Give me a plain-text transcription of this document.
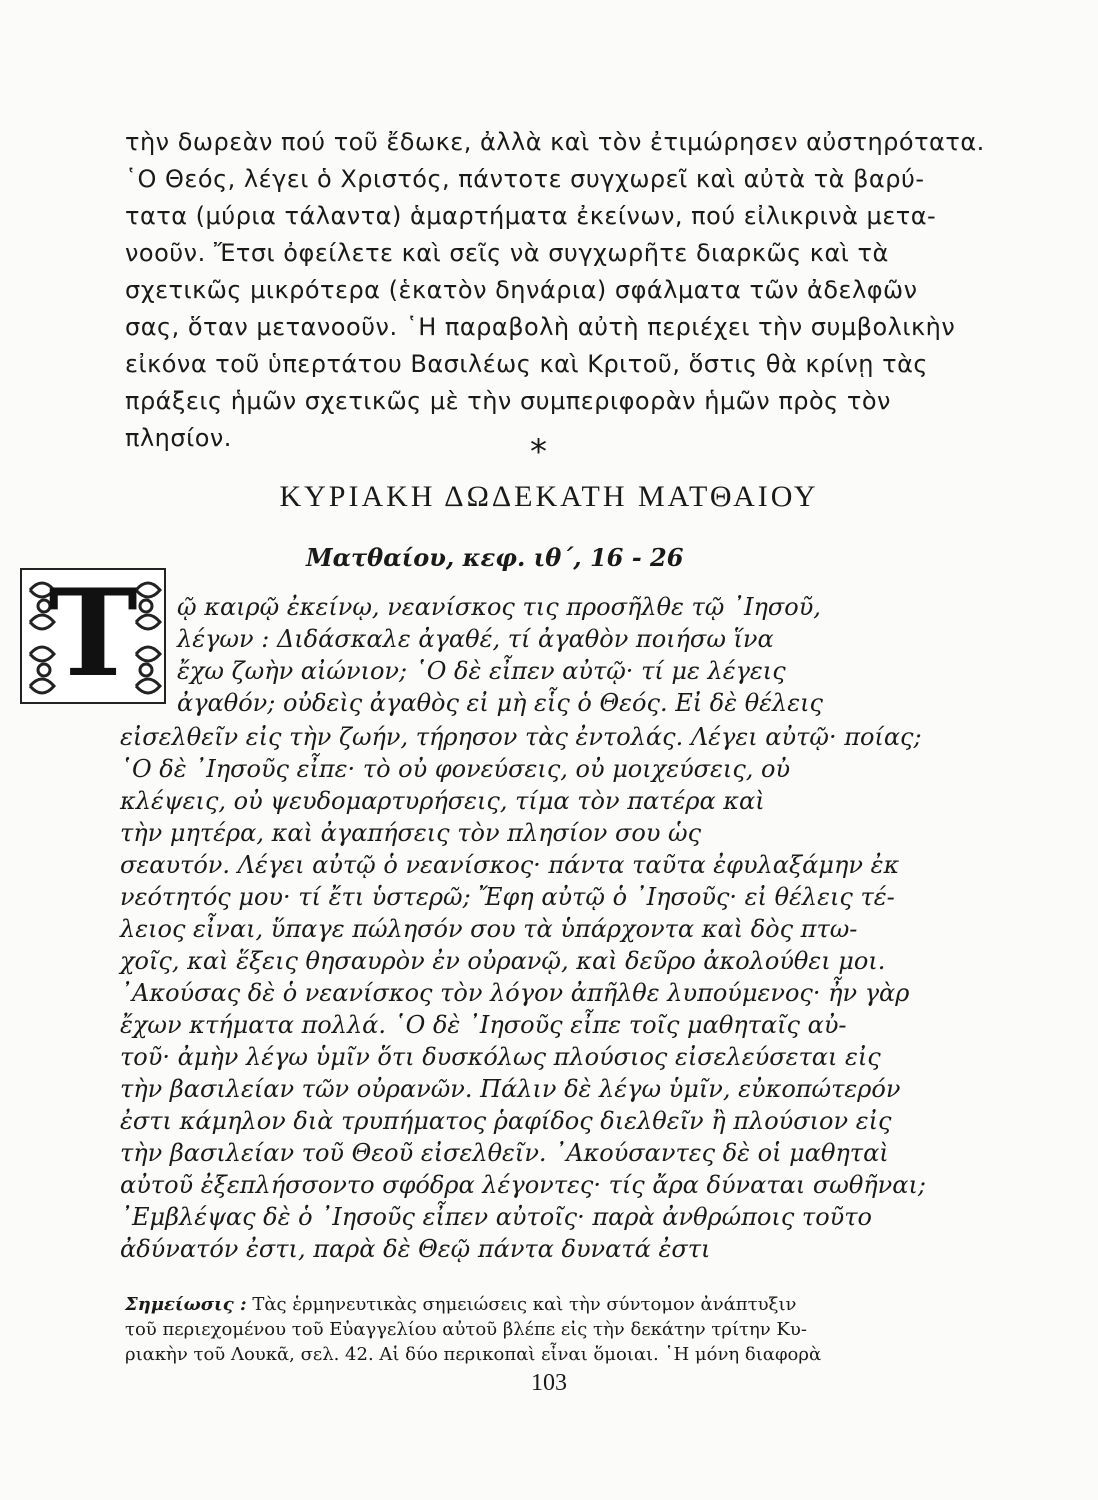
τὴν δωρεὰν πού τοῦ ἔδωκε, ἀλλὰ καὶ τὸν ἐτιμώρησεν αὐστηρότατα.
῾Ο Θεός, λέγει ὁ Χριστός, πάντοτε συγχωρεῖ καὶ αὐτὰ τὰ βαρύ-
τατα (μύρια τάλαντα) ἁμαρτήματα ἐκείνων, πού εἰλικρινὰ μετα-
νοοῦν. Ἔτσι ὀφείλετε καὶ σεῖς νὰ συγχωρῆτε διαρκῶς καὶ τὰ
σχετικῶς μικρότερα (ἑκατὸν δηνάρια) σφάλματα τῶν ἀδελφῶν
σας, ὅταν μετανοοῦν. ῾Η παραβολὴ αὐτὴ περιέχει τὴν συμβολικὴν
εἰκόνα τοῦ ὑπερτάτου Βασιλέως καὶ Κριτοῦ, ὅστις θὰ κρίνῃ τὰς
πράξεις ἡμῶν σχετικῶς μὲ τὴν συμπεριφορὰν ἡμῶν πρὸς τὸν
πλησίον.	*
ΚΥΡΙΑΚΗ ΔΩΔΕΚΑΤΗ ΜΑΤΘΑΙΟΥ
Ματθαίου, κεφ. ιθ΄, 16 - 26
Τ	ῷ καιρῷ ἐκείνῳ, νεανίσκος τις προσῆλθε τῷ ᾿Ιησοῦ,
λέγων : Διδάσκαλε ἀγαθέ, τί ἀγαθὸν ποιήσω ἵνα
ἔχω ζωὴν αἰώνιον; ῾Ο δὲ εἶπεν αὐτῷ· τί με λέγεις
ἀγαθόν; οὐδεὶς ἀγαθὸς εἰ μὴ εἷς ὁ Θεός. Εἰ δὲ θέλεις
εἰσελθεῖν εἰς τὴν ζωήν, τήρησον τὰς ἐντολάς. Λέγει αὐτῷ· ποίας;
῾Ο δὲ ᾿Ιησοῦς εἶπε· τὸ οὐ φονεύσεις, οὐ μοιχεύσεις, οὐ
κλέψεις, οὐ ψευδομαρτυρήσεις, τίμα τὸν πατέρα καὶ
τὴν μητέρα, καὶ ἀγαπήσεις τὸν πλησίον σου ὡς
σεαυτόν. Λέγει αὐτῷ ὁ νεανίσκος· πάντα ταῦτα ἐφυλαξάμην ἐκ
νεότητός μου· τί ἔτι ὑστερῶ; Ἔφη αὐτῷ ὁ ᾿Ιησοῦς· εἰ θέλεις τέ-
λειος εἶναι, ὕπαγε πώλησόν σου τὰ ὑπάρχοντα καὶ δὸς πτω-
χοῖς, καὶ ἕξεις θησαυρὸν ἐν οὐρανῷ, καὶ δεῦρο ἀκολούθει μοι.
᾿Ακούσας δὲ ὁ νεανίσκος τὸν λόγον ἀπῆλθε λυπούμενος· ἦν γὰρ
ἔχων κτήματα πολλά. ῾Ο δὲ ᾿Ιησοῦς εἶπε τοῖς μαθηταῖς αὐ-
τοῦ· ἀμὴν λέγω ὑμῖν ὅτι δυσκόλως πλούσιος εἰσελεύσεται εἰς
τὴν βασιλείαν τῶν οὐρανῶν. Πάλιν δὲ λέγω ὑμῖν, εὐκοπώτερόν
ἐστι κάμηλον διὰ τρυπήματος ῥαφίδος διελθεῖν ἢ πλούσιον εἰς
τὴν βασιλείαν τοῦ Θεοῦ εἰσελθεῖν. ᾿Ακούσαντες δὲ οἱ μαθηταὶ
αὐτοῦ ἐξεπλήσσοντο σφόδρα λέγοντες· τίς ἄρα δύναται σωθῆναι;
᾿Εμβλέψας δὲ ὁ ᾿Ιησοῦς εἶπεν αὐτοῖς· παρὰ ἀνθρώποις τοῦτο
ἀδύνατόν ἐστι, παρὰ δὲ Θεῷ πάντα δυνατά ἐστι
Σημείωσις : Τὰς ἑρμηνευτικὰς σημειώσεις καὶ τὴν σύντομον ἀνάπτυξιν
τοῦ περιεχομένου τοῦ Εὐαγγελίου αὐτοῦ βλέπε εἰς τὴν δεκάτην τρίτην Κυ-
ριακὴν τοῦ Λουκᾶ, σελ. 42. Αἱ δύο περικοπαὶ εἶναι ὅμοιαι. ῾Η μόνη διαφορὰ
103
